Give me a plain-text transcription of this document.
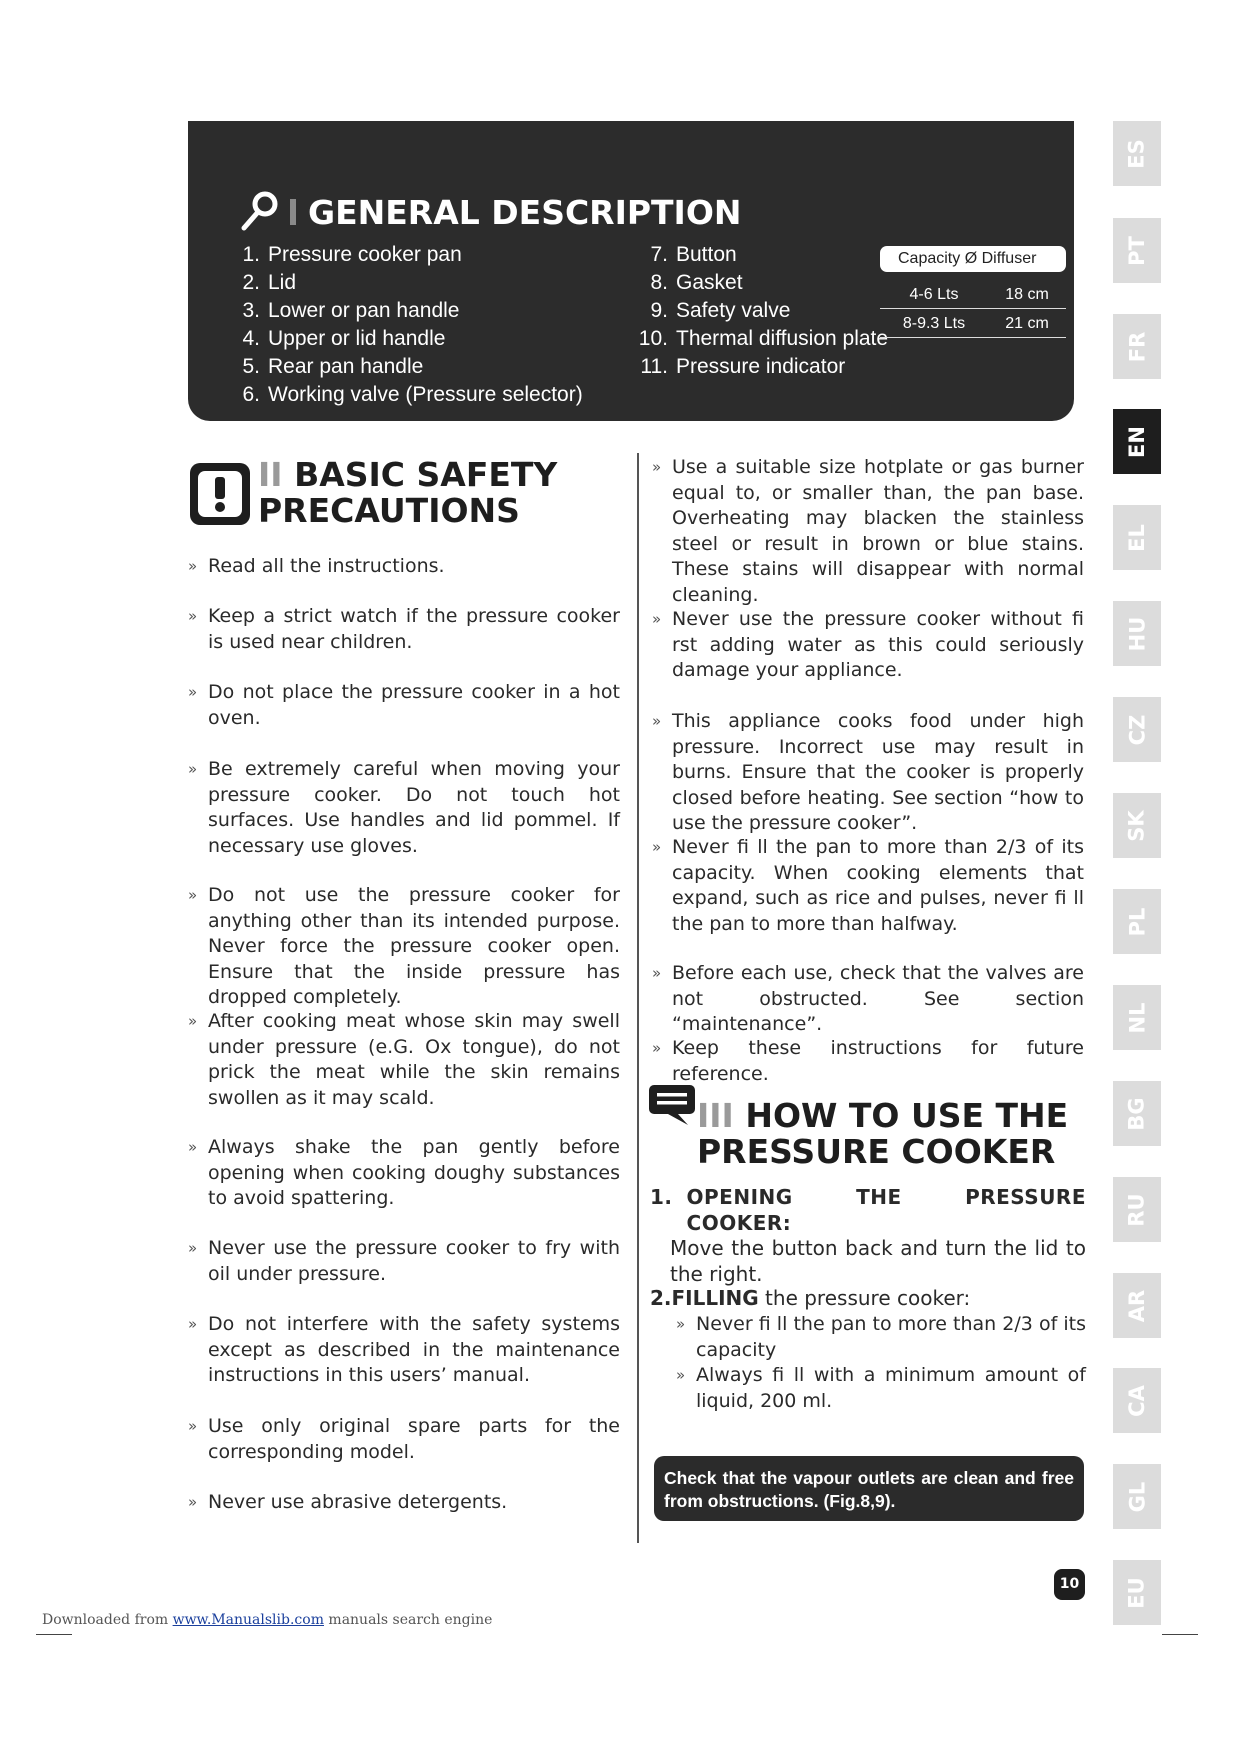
GENERAL DESCRIPTION
1. Pressure cooker pan
2. Lid
3. Lower or pan handle
4. Upper or lid handle
5. Rear pan handle
6. Working valve (Pressure selector)
7. Button
8. Gasket
9. Safety valve
10. Thermal diffusion plate
11. Pressure indicator
Capacity Ø Diffuser
4-6 Lts	18 cm
8-9.3 Lts	21 cm
ES
PT
FR
EN
EL
HU
CZ
SK
PL
NL
BG
RU
AR
CA
GL
EU
II BASIC SAFETY
PRECAUTIONS
» Read all the instructions.
» Keep a strict watch if the pressure cooker is used near children.
» Do not place the pressure cooker in a hot oven.
» Be extremely careful when moving your pressure cooker. Do not touch hot surfaces. Use handles and lid pommel. If necessary use gloves.
» Do not use the pressure cooker for anything other than its intended purpose. Never force the pressure cooker open. Ensure that the inside pressure has dropped completely.
» After cooking meat whose skin may swell under pressure (e.G. Ox tongue), do not prick the meat while the skin remains swollen as it may scald.
» Always shake the pan gently before opening when cooking doughy substances to avoid spattering.
» Never use the pressure cooker to fry with oil under pressure.
» Do not interfere with the safety systems except as described in the maintenance instructions in this users’ manual.
» Use only original spare parts for the corresponding model.
» Never use abrasive detergents.
» Use a suitable size hotplate or gas burner equal to, or smaller than, the pan base. Overheating may blacken the stainless steel or result in brown or blue stains. These stains will disappear with normal cleaning.
» Never use the pressure cooker without fi rst adding water as this could seriously damage your appliance.
» This appliance cooks food under high pressure. Incorrect use may result in burns. Ensure that the cooker is properly closed before heating. See section “how to use the pressure cooker”.
» Never fi ll the pan to more than 2/3 of its capacity. When cooking elements that expand, such as rice and pulses, never fi ll the pan to more than halfway.
» Before each use, check that the valves are not obstructed. See section “maintenance”.
» Keep these instructions for future reference.
III HOW TO USE THE
PRESSURE COOKER
1. OPENING THE PRESSURE COOKER:
Move the button back and turn the lid to the right.
2.FILLING the pressure cooker:
» Never fi ll the pan to more than 2/3 of its capacity
» Always fi ll with a minimum amount of liquid, 200 ml.
Check that the vapour outlets are clean and free from obstructions. (Fig.8,9).
10
Downloaded from www.Manualslib.com manuals search engine
